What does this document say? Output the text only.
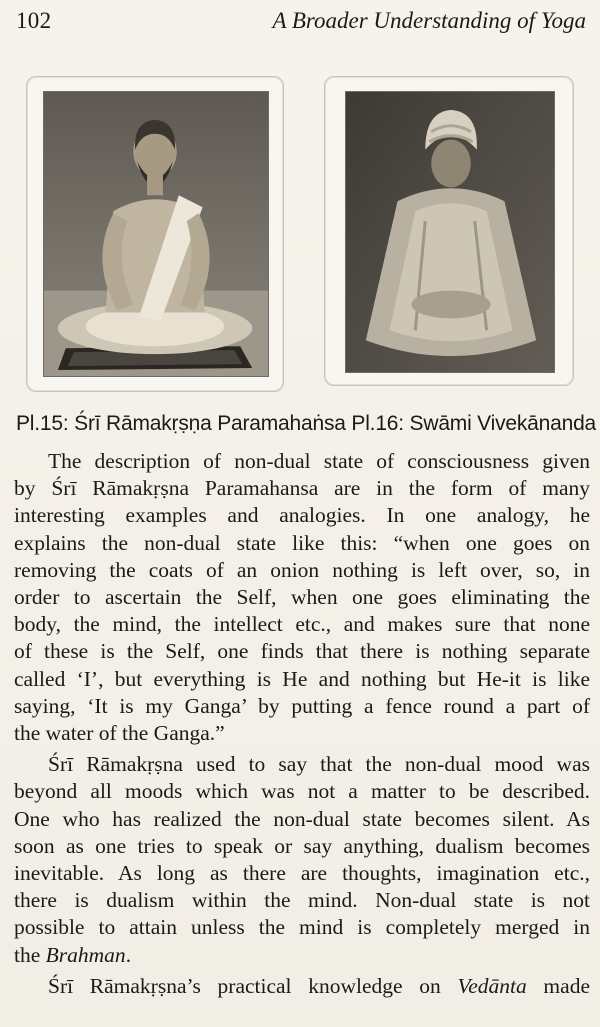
102	A Broader Understanding of Yoga
Pl.15: Śrī Rāmakṛṣṇa Paramahaṅsa Pl.16: Swāmi Vivekānanda
The description of non-dual state of consciousness given
by Śrī Rāmakṛṣna Paramahansa are in the form of many
interesting examples and analogies. In one analogy, he
explains the non-dual state like this: “when one goes on
removing the coats of an onion nothing is left over, so, in
order to ascertain the Self, when one goes eliminating the
body, the mind, the intellect etc., and makes sure that none
of these is the Self, one finds that there is nothing separate
called ‘I’, but everything is He and nothing but He-it is like
saying, ‘It is my Ganga’ by putting a fence round a part of
the water of the Ganga.”
Śrī Rāmakṛṣna used to say that the non-dual mood was
beyond all moods which was not a matter to be described.
One who has realized the non-dual state becomes silent. As
soon as one tries to speak or say anything, dualism becomes
inevitable. As long as there are thoughts, imagination etc.,
there is dualism within the mind. Non-dual state is not
possible to attain unless the mind is completely merged in
the Brahman.
Śrī Rāmakṛṣna’s practical knowledge on Vedānta made
